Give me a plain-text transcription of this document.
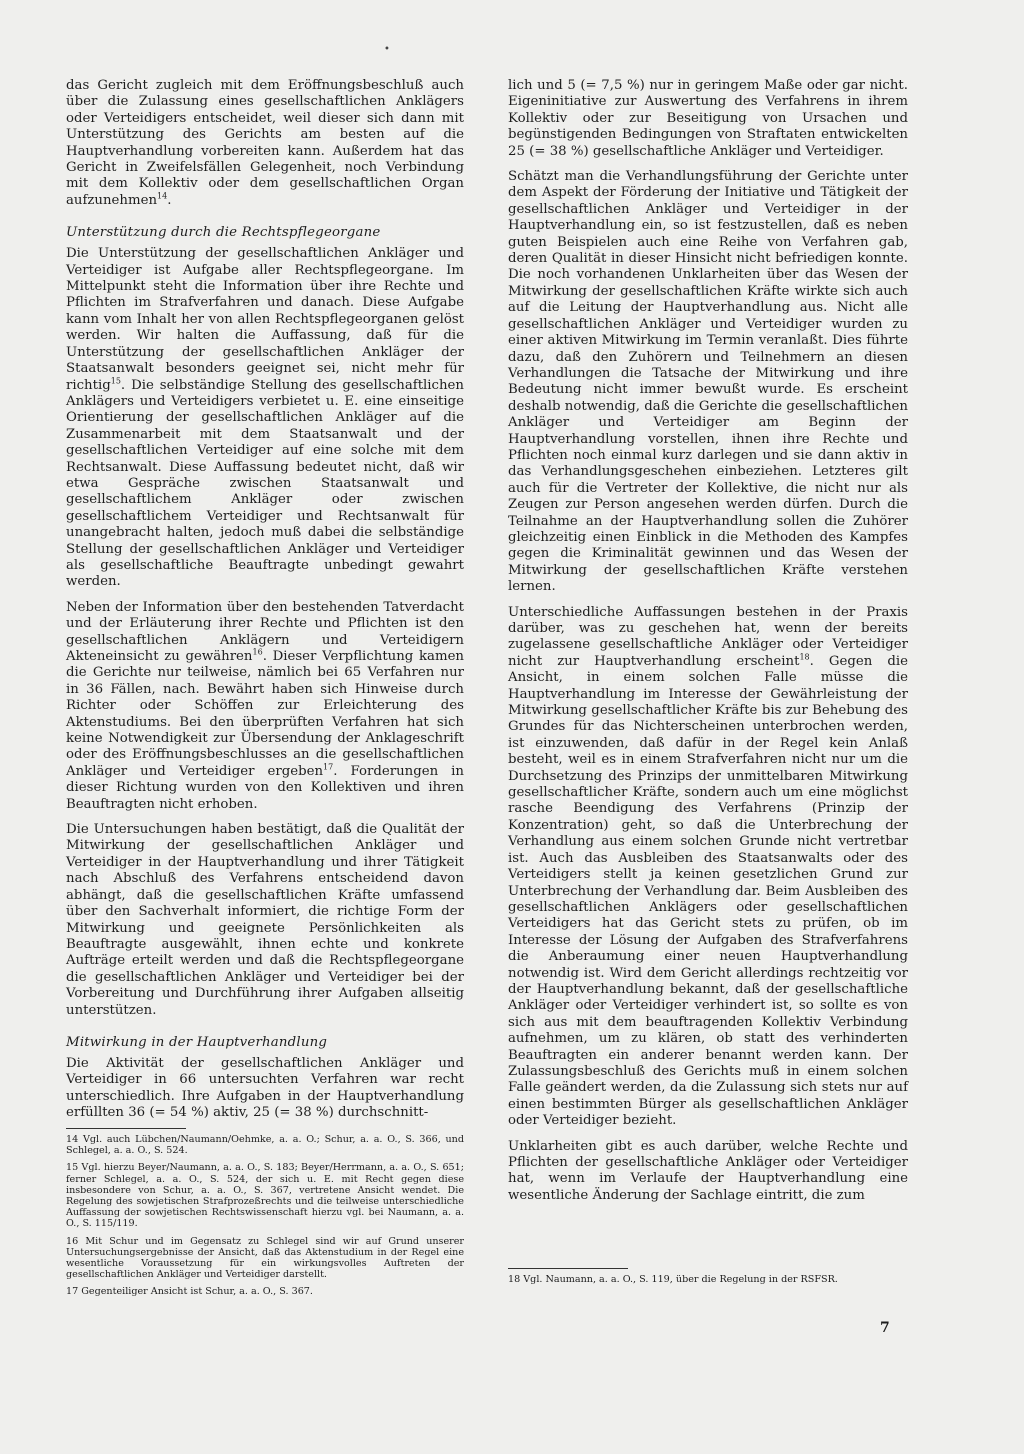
•

das Gericht zugleich mit dem Eröffnungsbeschluß auch über die Zulassung eines gesellschaftlichen Anklägers oder Verteidigers entscheidet, weil dieser sich dann mit Unterstützung des Gerichts am besten auf die Hauptverhandlung vorbereiten kann. Außerdem hat das Gericht in Zweifelsfällen Gelegenheit, noch Verbindung mit dem Kollektiv oder dem gesellschaftlichen Organ aufzunehmen$^{14}$.

Unterstützung durch die Rechtspflegeorgane

Die Unterstützung der gesellschaftlichen Ankläger und Verteidiger ist Aufgabe aller Rechtspflegeorgane. Im Mittelpunkt steht die Information über ihre Rechte und Pflichten im Strafverfahren und danach. Diese Aufgabe kann vom Inhalt her von allen Rechtspflegeorganen gelöst werden. Wir halten die Auffassung, daß für die Unterstützung der gesellschaftlichen Ankläger der Staatsanwalt besonders geeignet sei, nicht mehr für richtig$^{15}$. Die selbständige Stellung des gesellschaftlichen Anklägers und Verteidigers verbietet u. E. eine einseitige Orientierung der gesellschaftlichen Ankläger auf die Zusammenarbeit mit dem Staatsanwalt und der gesellschaftlichen Verteidiger auf eine solche mit dem Rechtsanwalt. Diese Auffassung bedeutet nicht, daß wir etwa Gespräche zwischen Staatsanwalt und gesellschaftlichem Ankläger oder zwischen gesellschaftlichem Verteidiger und Rechtsanwalt für unangebracht halten, jedoch muß dabei die selbständige Stellung der gesellschaftlichen Ankläger und Verteidiger als gesellschaftliche Beauftragte unbedingt gewahrt werden.

Neben der Information über den bestehenden Tatverdacht und der Erläuterung ihrer Rechte und Pflichten ist den gesellschaftlichen Anklägern und Verteidigern Akteneinsicht zu gewähren$^{16}$. Dieser Verpflichtung kamen die Gerichte nur teilweise, nämlich bei 65 Verfahren nur in 36 Fällen, nach. Bewährt haben sich Hinweise durch Richter oder Schöffen zur Erleichterung des Aktenstudiums. Bei den überprüften Verfahren hat sich keine Notwendigkeit zur Übersendung der Anklageschrift oder des Eröffnungsbeschlusses an die gesellschaftlichen Ankläger und Verteidiger ergeben$^{17}$. Forderungen in dieser Richtung wurden von den Kollektiven und ihren Beauftragten nicht erhoben.

Die Untersuchungen haben bestätigt, daß die Qualität der Mitwirkung der gesellschaftlichen Ankläger und Verteidiger in der Hauptverhandlung und ihrer Tätigkeit nach Abschluß des Verfahrens entscheidend davon abhängt, daß die gesellschaftlichen Kräfte umfassend über den Sachverhalt informiert, die richtige Form der Mitwirkung und geeignete Persönlichkeiten als Beauftragte ausgewählt, ihnen echte und konkrete Aufträge erteilt werden und daß die Rechtspflegeorgane die gesellschaftlichen Ankläger und Verteidiger bei der Vorbereitung und Durchführung ihrer Aufgaben allseitig unterstützen.

Mitwirkung in der Hauptverhandlung

Die Aktivität der gesellschaftlichen Ankläger und Verteidiger in 66 untersuchten Verfahren war recht unterschiedlich. Ihre Aufgaben in der Hauptverhandlung erfüllten 36 (= 54 %) aktiv, 25 (= 38 %) durchschnitt-

14 Vgl. auch Lübchen/Naumann/Oehmke, a. a. O.; Schur, a. a. O., S. 366, und Schlegel, a. a. O., S. 524.

15 Vgl. hierzu Beyer/Naumann, a. a. O., S. 183; Beyer/Herrmann, a. a. O., S. 651; ferner Schlegel, a. a. O., S. 524, der sich u. E. mit Recht gegen diese insbesondere von Schur, a. a. O., S. 367, vertretene Ansicht wendet. Die Regelung des sowjetischen Strafprozeßrechts und die teilweise unterschiedliche Auffassung der sowjetischen Rechtswissenschaft hierzu vgl. bei Naumann, a. a. O., S. 115/119.

16 Mit Schur und im Gegensatz zu Schlegel sind wir auf Grund unserer Untersuchungsergebnisse der Ansicht, daß das Aktenstudium in der Regel eine wesentliche Voraussetzung für ein wirkungsvolles Auftreten der gesellschaftlichen Ankläger und Verteidiger darstellt.

17 Gegenteiliger Ansicht ist Schur, a. a. O., S. 367.

lich und 5 (= 7,5 %) nur in geringem Maße oder gar nicht. Eigeninitiative zur Auswertung des Verfahrens in ihrem Kollektiv oder zur Beseitigung von Ursachen und begünstigenden Bedingungen von Straftaten entwickelten 25 (= 38 %) gesellschaftliche Ankläger und Verteidiger.

Schätzt man die Verhandlungsführung der Gerichte unter dem Aspekt der Förderung der Initiative und Tätigkeit der gesellschaftlichen Ankläger und Verteidiger in der Hauptverhandlung ein, so ist festzustellen, daß es neben guten Beispielen auch eine Reihe von Verfahren gab, deren Qualität in dieser Hinsicht nicht befriedigen konnte. Die noch vorhandenen Unklarheiten über das Wesen der Mitwirkung der gesellschaftlichen Kräfte wirkte sich auch auf die Leitung der Hauptverhandlung aus. Nicht alle gesellschaftlichen Ankläger und Verteidiger wurden zu einer aktiven Mitwirkung im Termin veranlaßt. Dies führte dazu, daß den Zuhörern und Teilnehmern an diesen Verhandlungen die Tatsache der Mitwirkung und ihre Bedeutung nicht immer bewußt wurde. Es erscheint deshalb notwendig, daß die Gerichte die gesellschaftlichen Ankläger und Verteidiger am Beginn der Hauptverhandlung vorstellen, ihnen ihre Rechte und Pflichten noch einmal kurz darlegen und sie dann aktiv in das Verhandlungsgeschehen einbeziehen. Letzteres gilt auch für die Vertreter der Kollektive, die nicht nur als Zeugen zur Person angesehen werden dürfen. Durch die Teilnahme an der Hauptverhandlung sollen die Zuhörer gleichzeitig einen Einblick in die Methoden des Kampfes gegen die Kriminalität gewinnen und das Wesen der Mitwirkung der gesellschaftlichen Kräfte verstehen lernen.

Unterschiedliche Auffassungen bestehen in der Praxis darüber, was zu geschehen hat, wenn der bereits zugelassene gesellschaftliche Ankläger oder Verteidiger nicht zur Hauptverhandlung erscheint$^{18}$. Gegen die Ansicht, in einem solchen Falle müsse die Hauptverhandlung im Interesse der Gewährleistung der Mitwirkung gesellschaftlicher Kräfte bis zur Behebung des Grundes für das Nichterscheinen unterbrochen werden, ist einzuwenden, daß dafür in der Regel kein Anlaß besteht, weil es in einem Strafverfahren nicht nur um die Durchsetzung des Prinzips der unmittelbaren Mitwirkung gesellschaftlicher Kräfte, sondern auch um eine möglichst rasche Beendigung des Verfahrens (Prinzip der Konzentration) geht, so daß die Unterbrechung der Verhandlung aus einem solchen Grunde nicht vertretbar ist. Auch das Ausbleiben des Staatsanwalts oder des Verteidigers stellt ja keinen gesetzlichen Grund zur Unterbrechung der Verhandlung dar. Beim Ausbleiben des gesellschaftlichen Anklägers oder gesellschaftlichen Verteidigers hat das Gericht stets zu prüfen, ob im Interesse der Lösung der Aufgaben des Strafverfahrens die Anberaumung einer neuen Hauptverhandlung notwendig ist. Wird dem Gericht allerdings rechtzeitig vor der Hauptverhandlung bekannt, daß der gesellschaftliche Ankläger oder Verteidiger verhindert ist, so sollte es von sich aus mit dem beauftragenden Kollektiv Verbindung aufnehmen, um zu klären, ob statt des verhinderten Beauftragten ein anderer benannt werden kann. Der Zulassungsbeschluß des Gerichts muß in einem solchen Falle geändert werden, da die Zulassung sich stets nur auf einen bestimmten Bürger als gesellschaftlichen Ankläger oder Verteidiger bezieht.

Unklarheiten gibt es auch darüber, welche Rechte und Pflichten der gesellschaftliche Ankläger oder Verteidiger hat, wenn im Verlaufe der Hauptverhandlung eine wesentliche Änderung der Sachlage eintritt, die zum

18 Vgl. Naumann, a. a. O., S. 119, über die Regelung in der RSFSR.

7
